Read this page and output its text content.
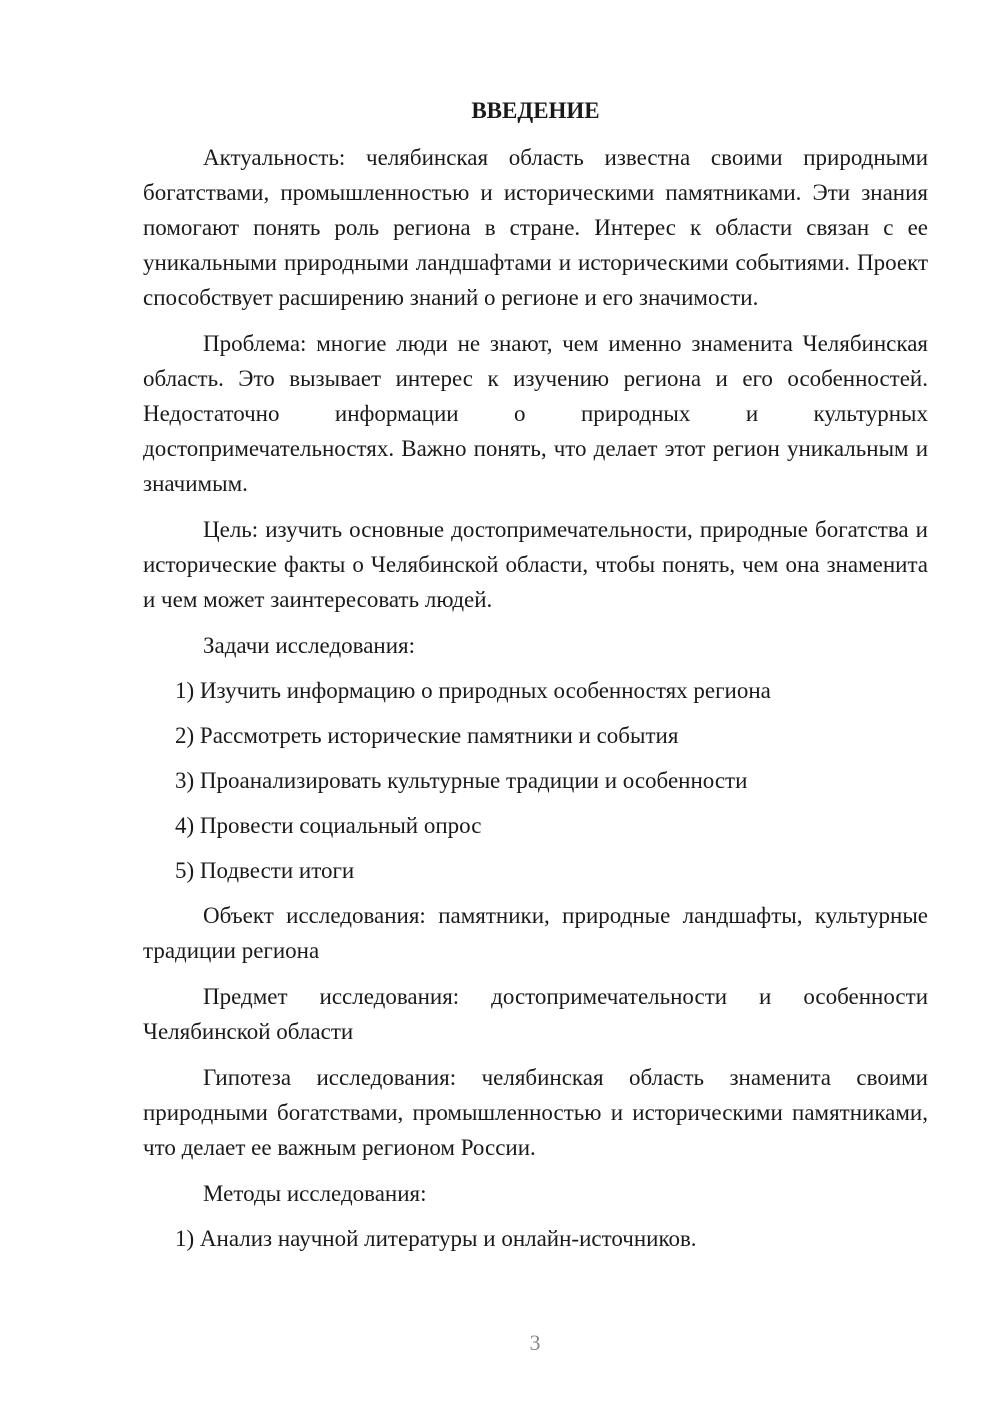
ВВЕДЕНИЕ

Актуальность: челябинская область известна своими природными богатствами, промышленностью и историческими памятниками. Эти знания помогают понять роль региона в стране. Интерес к области связан с ее уникальными природными ландшафтами и историческими событиями. Проект способствует расширению знаний о регионе и его значимости.

Проблема: многие люди не знают, чем именно знаменита Челябинская область. Это вызывает интерес к изучению региона и его особенностей. Недостаточно информации о природных и культурных достопримечательностях. Важно понять, что делает этот регион уникальным и значимым.

Цель: изучить основные достопримечательности, природные богатства и исторические факты о Челябинской области, чтобы понять, чем она знаменита и чем может заинтересовать людей.

Задачи исследования:

1) Изучить информацию о природных особенностях региона

2) Рассмотреть исторические памятники и события

3) Проанализировать культурные традиции и особенности

4) Провести социальный опрос

5) Подвести итоги

Объект исследования: памятники, природные ландшафты, культурные традиции региона

Предмет исследования: достопримечательности и особенности Челябинской области

Гипотеза исследования: челябинская область знаменита своими природными богатствами, промышленностью и историческими памятниками, что делает ее важным регионом России.

Методы исследования:

1) Анализ научной литературы и онлайн-источников.

3
